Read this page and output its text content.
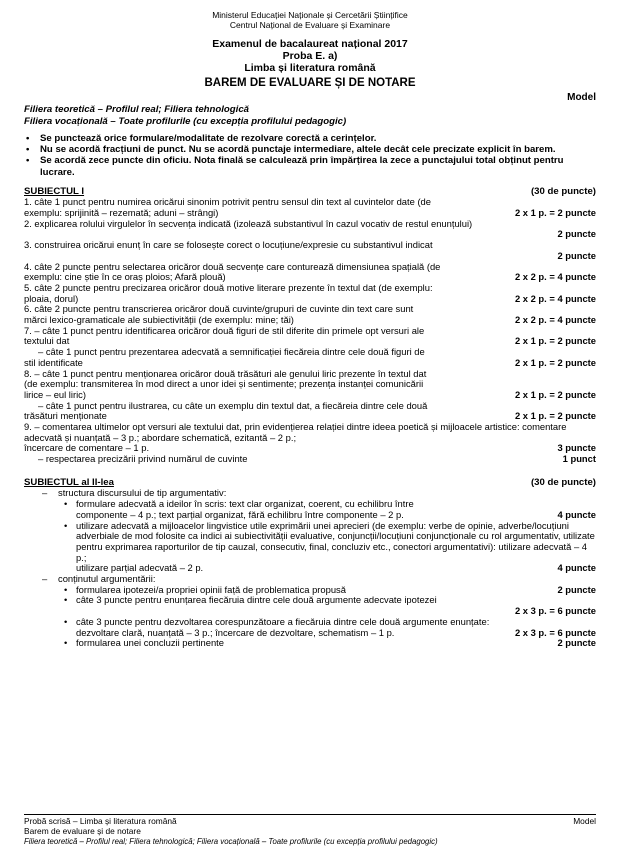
Ministerul Educației Naționale și Cercetării Științifice
Centrul Național de Evaluare și Examinare
Examenul de bacalaureat național 2017
Proba E. a)
Limba și literatura română
BAREM DE EVALUARE ȘI DE NOTARE
Model
Filiera teoretică – Profilul real; Filiera tehnologică
Filiera vocațională – Toate profilurile (cu excepția profilului pedagogic)
• Se punctează orice formulare/modalitate de rezolvare corectă a cerințelor.
• Nu se acordă fracțiuni de punct. Nu se acordă punctaje intermediare, altele decât cele precizate explicit în barem.
• Se acordă zece puncte din oficiu. Nota finală se calculează prin împărțirea la zece a punctajului total obținut pentru lucrare.
SUBIECTUL I	(30 de puncte)
1. câte 1 punct pentru numirea oricărui sinonim potrivit pentru sensul din text al cuvintelor date (de
exemplu: sprijinită – rezemată; aduni – strângi)	2 x 1 p. = 2 puncte
2. explicarea rolului virgulelor în secvența indicată (izolează substantivul în cazul vocativ de restul enunțului)
2 puncte
3. construirea oricărui enunț în care se folosește corect o locuțiune/expresie cu substantivul indicat
2 puncte
4. câte 2 puncte pentru selectarea oricăror două secvențe care conturează dimensiunea spațială (de
exemplu: cine știe în ce oraș ploios; Afară plouă)	2 x 2 p. = 4 puncte
5. câte 2 puncte pentru precizarea oricăror două motive literare prezente în textul dat (de exemplu:
ploaia, dorul)	2 x 2 p. = 4 puncte
6. câte 2 puncte pentru transcrierea oricăror două cuvinte/grupuri de cuvinte din text care sunt
mărci lexico-gramaticale ale subiectivității (de exemplu: mine; tăi)	2 x 2 p. = 4 puncte
7. – câte 1 punct pentru identificarea oricăror două figuri de stil diferite din primele opt versuri ale
textului dat	2 x 1 p. = 2 puncte
– câte 1 punct pentru prezentarea adecvată a semnificației fiecăreia dintre cele două figuri de
stil identificate	2 x 1 p. = 2 puncte
8. – câte 1 punct pentru menționarea oricăror două trăsături ale genului liric prezente în textul dat
(de exemplu: transmiterea în mod direct a unor idei și sentimente; prezența instanței comunicării
lirice – eul liric)	2 x 1 p. = 2 puncte
– câte 1 punct pentru ilustrarea, cu câte un exemplu din textul dat, a fiecăreia dintre cele două
trăsături menționate	2 x 1 p. = 2 puncte
9. – comentarea ultimelor opt versuri ale textului dat, prin evidențierea relației dintre ideea poetică și mijloacele artistice: comentare adecvată și nuanțată – 3 p.; abordare schematică, ezitantă – 2 p.;
încercare de comentare – 1 p.	3 puncte
– respectarea precizării privind numărul de cuvinte	1 punct
SUBIECTUL al II-lea	(30 de puncte)
– structura discursului de tip argumentativ:
• formulare adecvată a ideilor în scris: text clar organizat, coerent, cu echilibru între
componente – 4 p.; text parțial organizat, fără echilibru între componente – 2 p.	4 puncte
• utilizare adecvată a mijloacelor lingvistice utile exprimării unei aprecieri (de exemplu: verbe de opinie, adverbe/locuțiuni adverbiale de mod folosite ca indici ai subiectivității evaluative, conjuncții/locuțiuni conjuncționale cu rol argumentativ, utilizate pentru exprimarea raporturilor de tip cauzal, consecutiv, final, concluziv etc., conectori argumentativi): utilizare adecvată – 4 p.;
utilizare parțial adecvată – 2 p.	4 puncte
– conținutul argumentării:
• formularea ipotezei/a propriei opinii față de problematica propusă	2 puncte
• câte 3 puncte pentru enunțarea fiecăruia dintre cele două argumente adecvate ipotezei
2 x 3 p. = 6 puncte
• câte 3 puncte pentru dezvoltarea corespunzătoare a fiecăruia dintre cele două argumente enunțate:
dezvoltare clară, nuanțată – 3 p.; încercare de dezvoltare, schematism – 1 p.	2 x 3 p. = 6 puncte
• formularea unei concluzii pertinente	2 puncte
Probă scrisă – Limba și literatura română	Model
Barem de evaluare și de notare
Filiera teoretică – Profilul real; Filiera tehnologică; Filiera vocațională – Toate profilurile (cu excepția profilului pedagogic)
